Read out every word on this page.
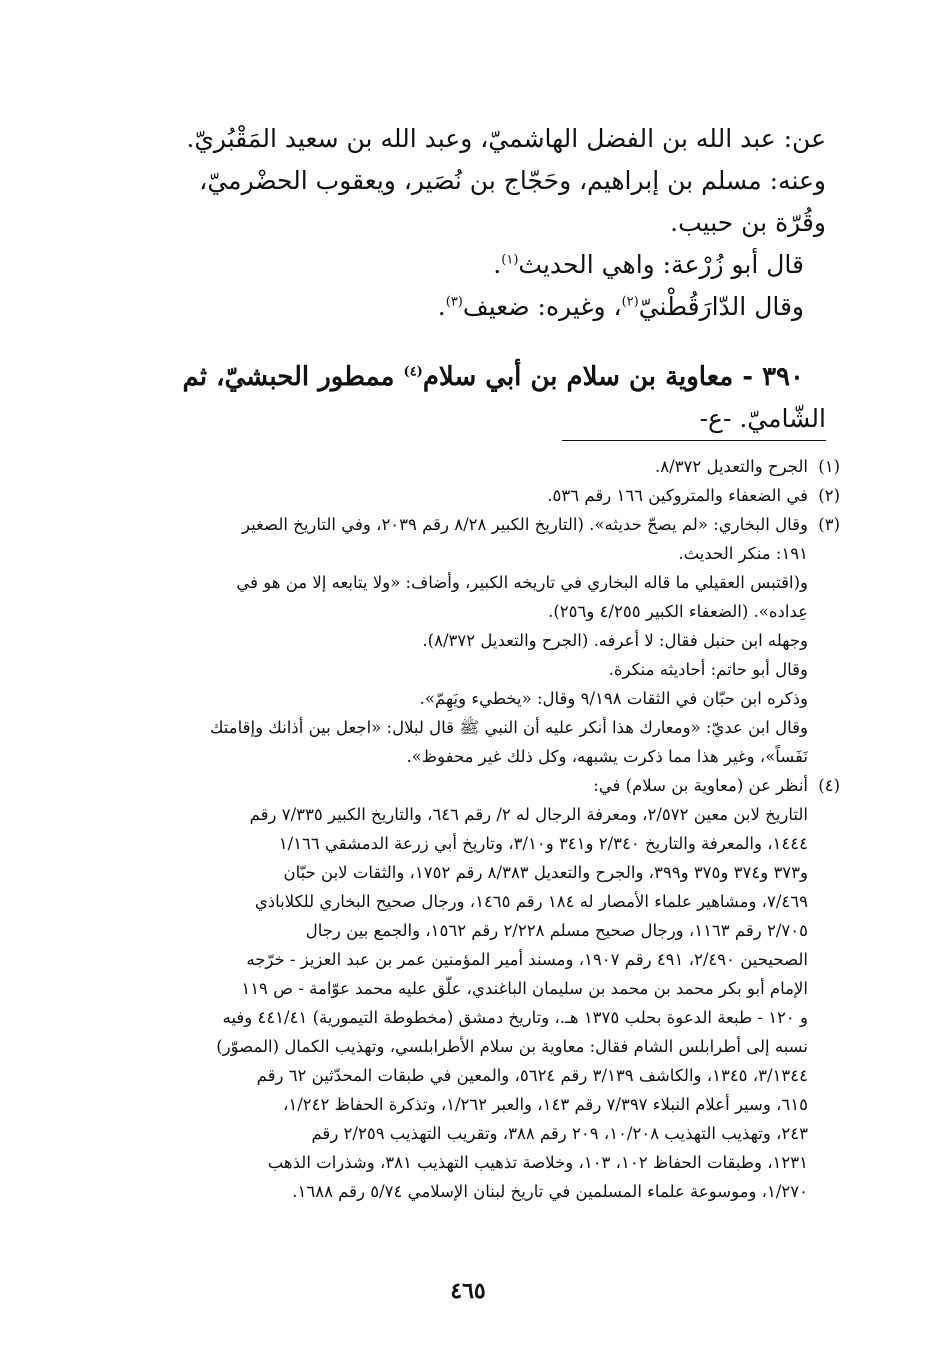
عن: عبد الله بن الفضل الهاشميّ، وعبد الله بن سعيد المَقْبُريّ.
وعنه: مسلم بن إبراهيم، وحَجّاج بن نُصَير، ويعقوب الحضْرميّ،
وقُرّة بن حبيب.
قال أبو زُرْعة: واهي الحديث$^{(١)}$.
وقال الدّارَقُطْنيّ$^{(٢)}$، وغيره: ضعيف$^{(٣)}$.
٣٩٠ - معاوية بن سلام بن أبي سلام$^{(٤)}$ ممطور الحبشيّ، ثم
الشّاميّ. -ع-
(١)الجرح والتعديل ٨/٣٧٢.
(٢)في الضعفاء والمتروكين ١٦٦ رقم ٥٣٦.
(٣)وقال البخاري: «لم يصحّ حديثه». (التاريخ الكبير ٨/٢٨ رقم ٢٠٣٩، وفي التاريخ الصغير
١٩١: منكر الحديث.
و(اقتبس العقيلي ما قاله البخاري في تاريخه الكبير، وأضاف: «ولا يتابعه إلا من هو في
عِداده». (الضعفاء الكبير ٤/٢٥٥ و٢٥٦).
وجهله ابن حنبل فقال: لا أعرفه. (الجرح والتعديل ٨/٣٧٢).
وقال أبو حاتم: أحاديثه منكرة.
وذكره ابن حبّان في الثقات ٩/١٩٨ وقال: «يخطيء ويَهِمّ».
وقال ابن عديّ: «ومعارك هذا أنكر عليه أن النبي ﷺ قال لبلال: «اجعل بين أذانك وإقامتك
نَفَساً»، وغير هذا مما ذكرت يشبهه، وكل ذلك غير محفوظ».
(٤)أنظر عن (معاوية بن سلام) في:
التاريخ لابن معين ٢/٥٧٢، ومعرفة الرجال له ٢/ رقم ٦٤٦، والتاريخ الكبير ٧/٣٣٥ رقم
١٤٤٤، والمعرفة والتاريخ ٢/٣٤٠ و٣٤١ و٣/١٠، وتاريخ أبي زرعة الدمشقي ١/١٦٦
و٣٧٣ و٣٧٤ و٣٧٥ و٣٩٩، والجرح والتعديل ٨/٣٨٣ رقم ١٧٥٢، والثقات لابن حبّان
٧/٤٦٩، ومشاهير علماء الأمصار له ١٨٤ رقم ١٤٦٥، ورجال صحيح البخاري للكلاباذي
٢/٧٠٥ رقم ١١٦٣، ورجال صحيح مسلم ٢/٢٢٨ رقم ١٥٦٢، والجمع بين رجال
الصحيحين ٢/٤٩٠، ٤٩١ رقم ١٩٠٧، ومسند أمير المؤمنين عمر بن عبد العزيز - خرّجه
الإمام أبو بكر محمد بن محمد بن سليمان الباغندي، علّق عليه محمد عوّامة - ص ١١٩
و ١٢٠ - طبعة الدعوة بحلب ١٣٧٥ هـ.، وتاريخ دمشق (مخطوطة التيمورية) ٤٤١/٤١ وفيه
نسبه إلى أطرابلس الشام فقال: معاوية بن سلام الأطرابلسي، وتهذيب الكمال (المصوّر)
٣/١٣٤٤، ١٣٤٥، والكاشف ٣/١٣٩ رقم ٥٦٢٤، والمعين في طبقات المحدّثين ٦٢ رقم
٦١٥، وسير أعلام النبلاء ٧/٣٩٧ رقم ١٤٣، والعبر ١/٢٦٢، وتذكرة الحفاظ ١/٢٤٢،
٢٤٣، وتهذيب التهذيب ١٠/٢٠٨، ٢٠٩ رقم ٣٨٨، وتقريب التهذيب ٢/٢٥٩ رقم
١٢٣١، وطبقات الحفاظ ١٠٢، ١٠٣، وخلاصة تذهيب التهذيب ٣٨١، وشذرات الذهب
١/٢٧٠، وموسوعة علماء المسلمين في تاريخ لبنان الإسلامي ٥/٧٤ رقم ١٦٨٨.
٤٦٥
